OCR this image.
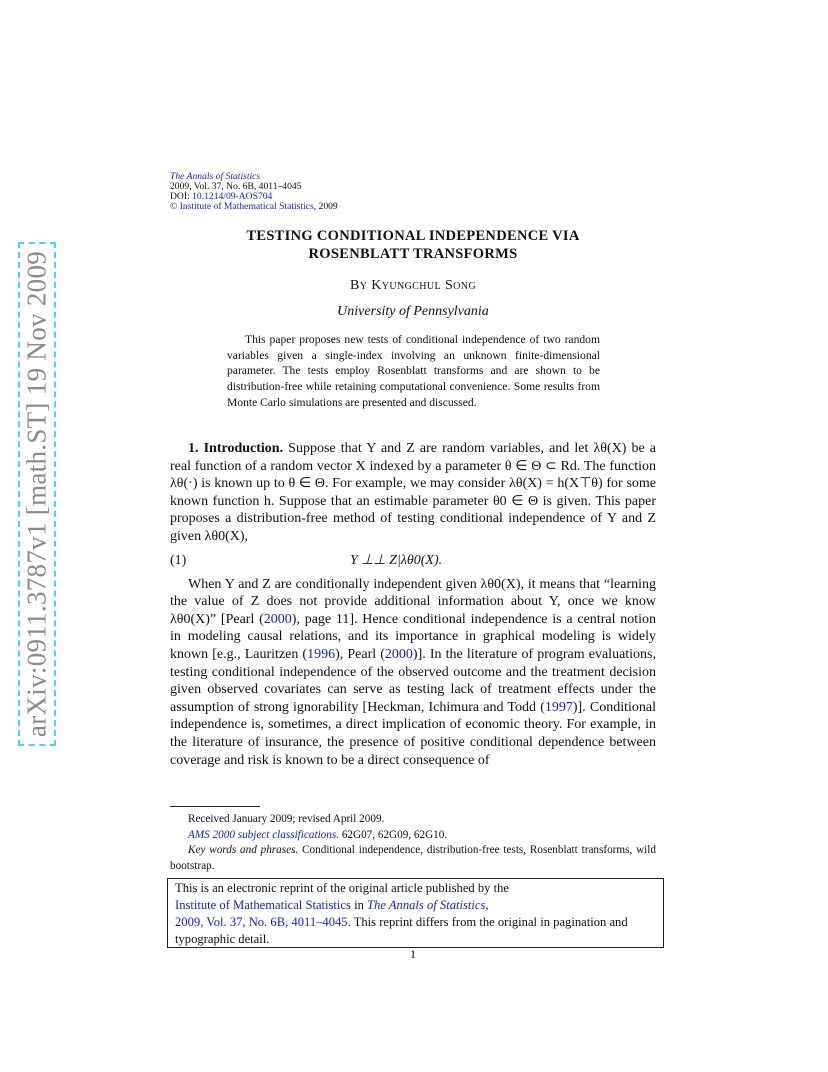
arXiv:0911.3787v1 [math.ST] 19 Nov 2009
The Annals of Statistics
2009, Vol. 37, No. 6B, 4011–4045
DOI: 10.1214/09-AOS704
© Institute of Mathematical Statistics, 2009
TESTING CONDITIONAL INDEPENDENCE VIA
ROSENBLATT TRANSFORMS
By Kyungchul Song
University of Pennsylvania
This paper proposes new tests of conditional independence of two random variables given a single-index involving an unknown finite-dimensional parameter. The tests employ Rosenblatt transforms and are shown to be distribution-free while retaining computational convenience. Some results from Monte Carlo simulations are presented and discussed.

1. Introduction. Suppose that Y and Z are random variables, and let λθ(X) be a real function of a random vector X indexed by a parameter θ ∈ Θ ⊂ Rd. The function λθ(·) is known up to θ ∈ Θ. For example, we may consider λθ(X) = h(X⊤θ) for some known function h. Suppose that an estimable parameter θ0 ∈ Θ is given. This paper proposes a distribution-free method of testing conditional independence of Y and Z given λθ0(X),

(1)	Y ⊥⊥ Z|λθ0(X).

When Y and Z are conditionally independent given λθ0(X), it means that “learning the value of Z does not provide additional information about Y, once we know λθ0(X)” [Pearl (2000), page 11]. Hence conditional independence is a central notion in modeling causal relations, and its importance in graphical modeling is widely known [e.g., Lauritzen (1996), Pearl (2000)]. In the literature of program evaluations, testing conditional independence of the observed outcome and the treatment decision given observed covariates can serve as testing lack of treatment effects under the assumption of strong ignorability [Heckman, Ichimura and Todd (1997)]. Conditional independence is, sometimes, a direct implication of economic theory. For example, in the literature of insurance, the presence of positive conditional dependence between coverage and risk is known to be a direct consequence of

Received January 2009; revised April 2009.
AMS 2000 subject classifications. 62G07, 62G09, 62G10.
Key words and phrases. Conditional independence, distribution-free tests, Rosenblatt transforms, wild bootstrap.
This is an electronic reprint of the original article published by the
Institute of Mathematical Statistics in The Annals of Statistics,
2009, Vol. 37, No. 6B, 4011–4045. This reprint differs from the original in pagination and typographic detail.
1
